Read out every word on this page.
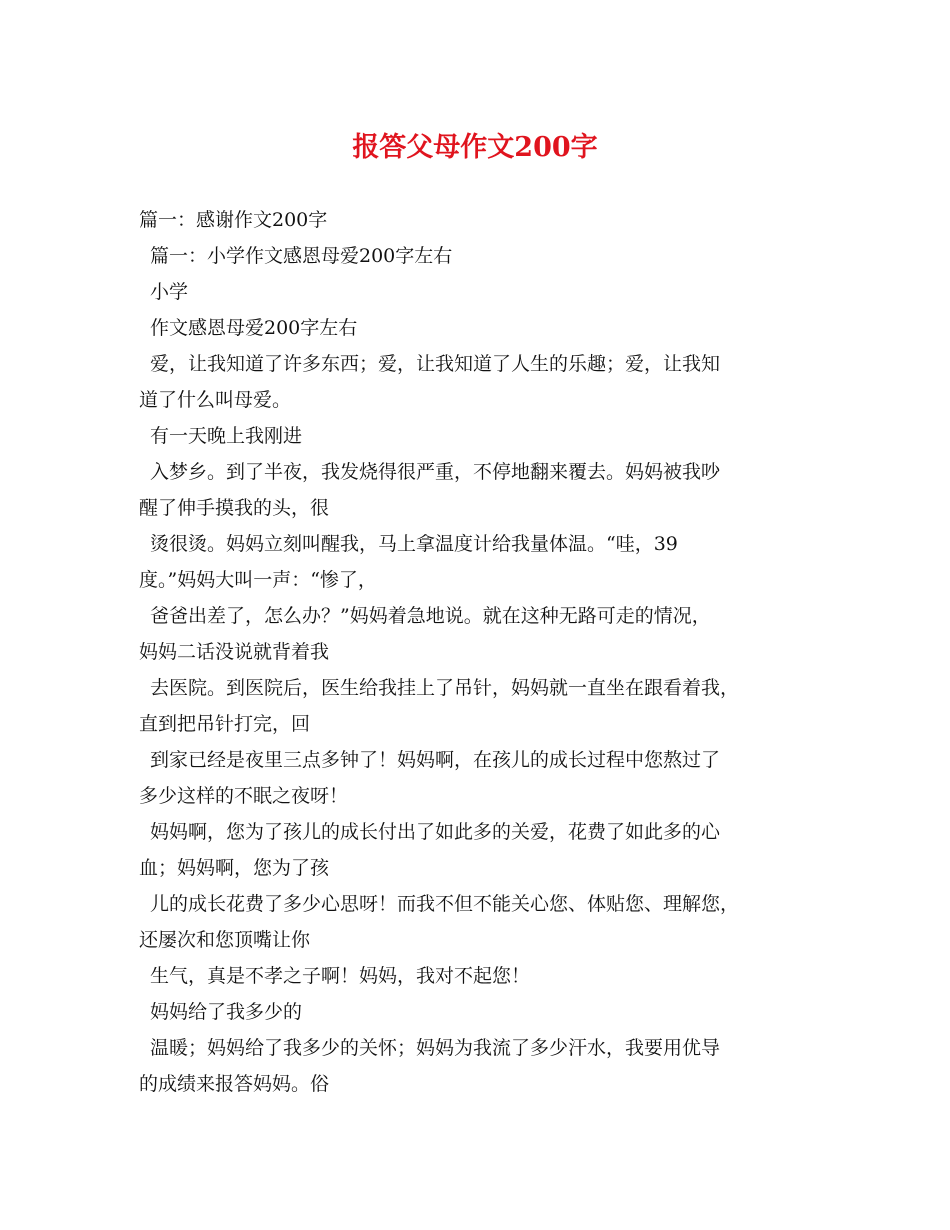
报答父母作文200字
篇一：感谢作文200字
篇一：小学作文感恩母爱200字左右
小学
作文感恩母爱200字左右
爱，让我知道了许多东西；爱，让我知道了人生的乐趣；爱，让我知
道了什么叫母爱。
有一天晚上我刚进
入梦乡。到了半夜，我发烧得很严重，不停地翻来覆去。妈妈被我吵
醒了伸手摸我的头，很
烫很烫。妈妈立刻叫醒我，马上拿温度计给我量体温。“哇，39
度。”妈妈大叫一声：“惨了，
爸爸出差了，怎么办？”妈妈着急地说。就在这种无路可走的情况，
妈妈二话没说就背着我
去医院。到医院后，医生给我挂上了吊针，妈妈就一直坐在跟看着我，
直到把吊针打完，回
到家已经是夜里三点多钟了！妈妈啊，在孩儿的成长过程中您熬过了
多少这样的不眠之夜呀！
妈妈啊，您为了孩儿的成长付出了如此多的关爱，花费了如此多的心
血；妈妈啊，您为了孩
儿的成长花费了多少心思呀！而我不但不能关心您、体贴您、理解您，
还屡次和您顶嘴让你
生气，真是不孝之子啊！妈妈，我对不起您！
妈妈给了我多少的
温暖；妈妈给了我多少的关怀；妈妈为我流了多少汗水，我要用优导
的成绩来报答妈妈。俗
